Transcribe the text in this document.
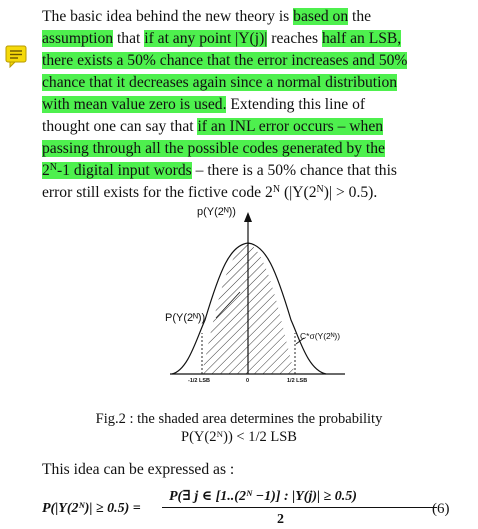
The basic idea behind the new theory is based on the
assumption that if at any point |Y(j)| reaches half an LSB,
there exists a 50% chance that the error increases and 50%
chance that it decreases again since a normal distribution
with mean value zero is used. Extending this line of
thought one can say that if an INL error occurs – when
passing through all the possible codes generated by the
$2^N-1$ digital input words – there is a 50% chance that this
error still exists for the fictive code $2^N$ $(|Y(2^N)| > 0.5)$.
p(Y(2ᴺ))
P(Y(2ᴺ))
C*σ(Y(2ᴺ))
-1/2 LSB	0	1/2 LSB
Fig.2 : the shaded area determines the probability
P(Y(2ᴺ)) < 1/2 LSB
This idea can be expressed as :
P(|Y(2ᴺ)| ≥ 0.5) =
P(∃ j ∈ [1..(2ᴺ −1)] : |Y(j)| ≥ 0.5)
2
(6)
